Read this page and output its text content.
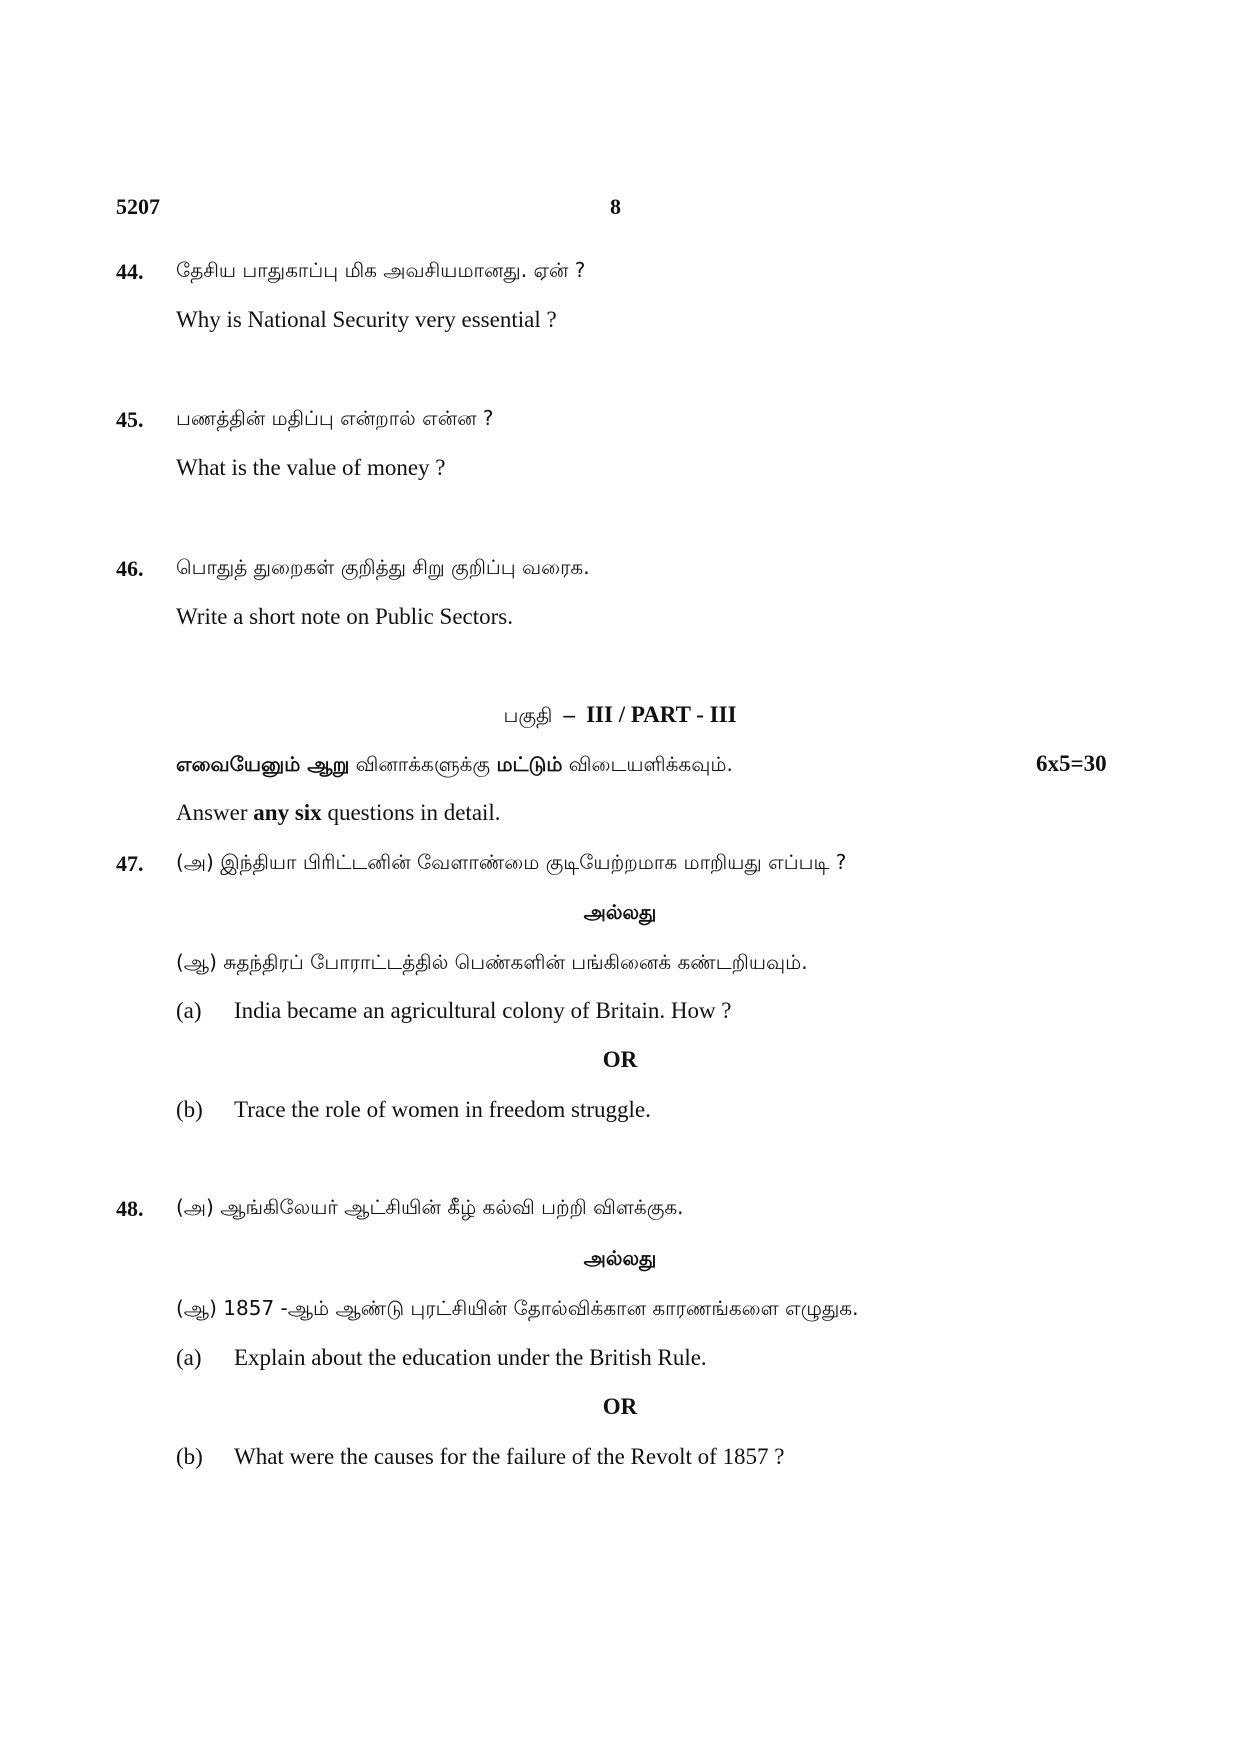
5207	8
44. தேசிய பாதுகாப்பு மிக அவசியமானது. ஏன் ?
Why is National Security very essential ?
45. பணத்தின் மதிப்பு என்றால் என்ன ?
What is the value of money ?
46. பொதுத் துறைகள் குறித்து சிறு குறிப்பு வரைக.
Write a short note on Public Sectors.
பகுதி – III / PART - III
எவையேனும் ஆறு வினாக்களுக்கு மட்டும் விடையளிக்கவும்.	6x5=30
Answer any six questions in detail.
47. (அ) இந்தியா பிரிட்டனின் வேளாண்மை குடியேற்றமாக மாறியது எப்படி ?
அல்லது
(ஆ) சுதந்திரப் போராட்டத்தில் பெண்களின் பங்கினைக் கண்டறியவும்.
(a) India became an agricultural colony of Britain. How ?
OR
(b) Trace the role of women in freedom struggle.
48. (அ) ஆங்கிலேயர் ஆட்சியின் கீழ் கல்வி பற்றி விளக்குக.
அல்லது
(ஆ) 1857 -ஆம் ஆண்டு புரட்சியின் தோல்விக்கான காரணங்களை எழுதுக.
(a) Explain about the education under the British Rule.
OR
(b) What were the causes for the failure of the Revolt of 1857 ?
